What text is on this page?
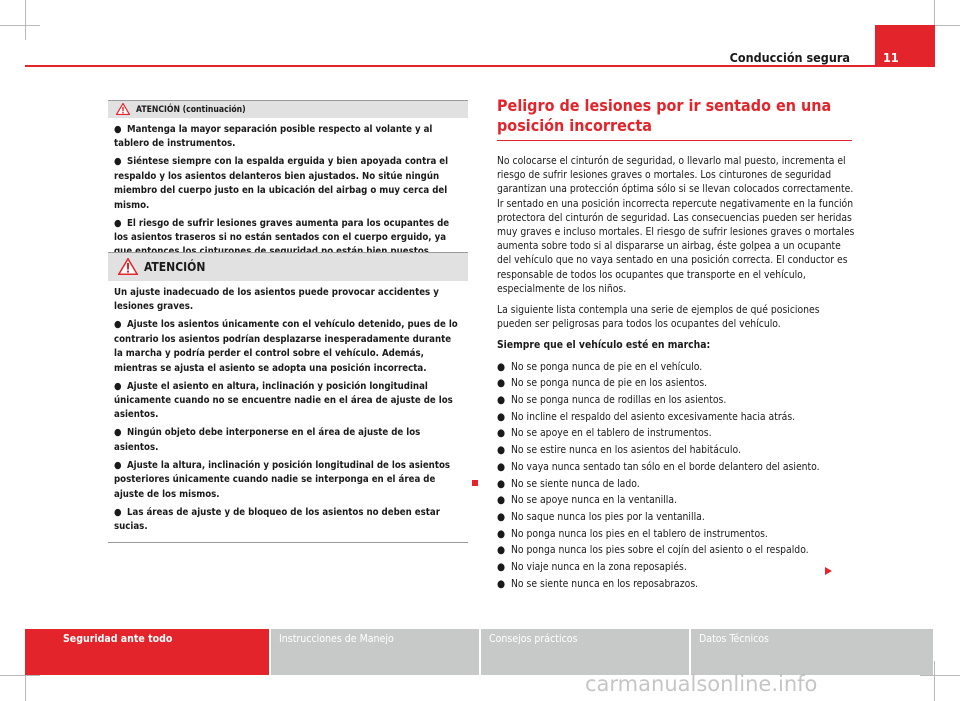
11
Conducción segura
ATENCIÓN (continuación)

● Mantenga la mayor separación posible respecto al volante y al tablero de instrumentos.

● Siéntese siempre con la espalda erguida y bien apoyada contra el respaldo y los asientos delanteros bien ajustados. No sitúe ningún miembro del cuerpo justo en la ubicación del airbag o muy cerca del mismo.

● El riesgo de sufrir lesiones graves aumenta para los ocupantes de los asientos traseros si no están sentados con el cuerpo erguido, ya

ATENCIÓN

Un ajuste inadecuado de los asientos puede provocar accidentes y lesiones graves.

● Ajuste los asientos únicamente con el vehículo detenido, pues de lo contrario los asientos podrían desplazarse inesperadamente durante la marcha y podría perder el control sobre el vehículo. Además, mientras se ajusta el asiento se adopta una posición incorrecta.

● Ajuste el asiento en altura, inclinación y posición longitudinal únicamente cuando no se encuentre nadie en el área de ajuste de los asientos.

● Ningún objeto debe interponerse en el área de ajuste de los asientos.

● Ajuste la altura, inclinación y posición longitudinal de los asientos posteriores únicamente cuando nadie se interponga en el área de ajuste de los mismos.

● Las áreas de ajuste y de bloqueo de los asientos no deben estar sucias.

Peligro de lesiones por ir sentado en una posición incorrecta

No colocarse el cinturón de seguridad, o llevarlo mal puesto, incrementa el riesgo de sufrir lesiones graves o mortales. Los cinturones de seguridad garantizan una protección óptima sólo si se llevan colocados correctamente. Ir sentado en una posición incorrecta repercute negativamente en la función protectora del cinturón de seguridad. Las consecuencias pueden ser heridas muy graves e incluso mortales. El riesgo de sufrir lesiones graves o mortales aumenta sobre todo si al dispararse un airbag, éste golpea a un ocupante del vehículo que no vaya sentado en una posición correcta. El conductor es responsable de todos los ocupantes que transporte en el vehículo, especialmente de los niños.

La siguiente lista contempla una serie de ejemplos de qué posiciones pueden ser peligrosas para todos los ocupantes del vehículo.

Siempre que el vehículo esté en marcha:

● No se ponga nunca de pie en el vehículo.
● No se ponga nunca de pie en los asientos.
● No se ponga nunca de rodillas en los asientos.
● No incline el respaldo del asiento excesivamente hacia atrás.
● No se apoye en el tablero de instrumentos.
● No se estire nunca en los asientos del habitáculo.
● No vaya nunca sentado tan sólo en el borde delantero del asiento.
● No se siente nunca de lado.
● No se apoye nunca en la ventanilla.
● No saque nunca los pies por la ventanilla.
● No ponga nunca los pies en el tablero de instrumentos.
● No ponga nunca los pies sobre el cojín del asiento o el respaldo.
● No viaje nunca en la zona reposapiés.
● No se siente nunca en los reposabrazos.
Seguridad ante todo	Instrucciones de Manejo	Consejos prácticos	Datos Técnicos
carmanualsonline.info
